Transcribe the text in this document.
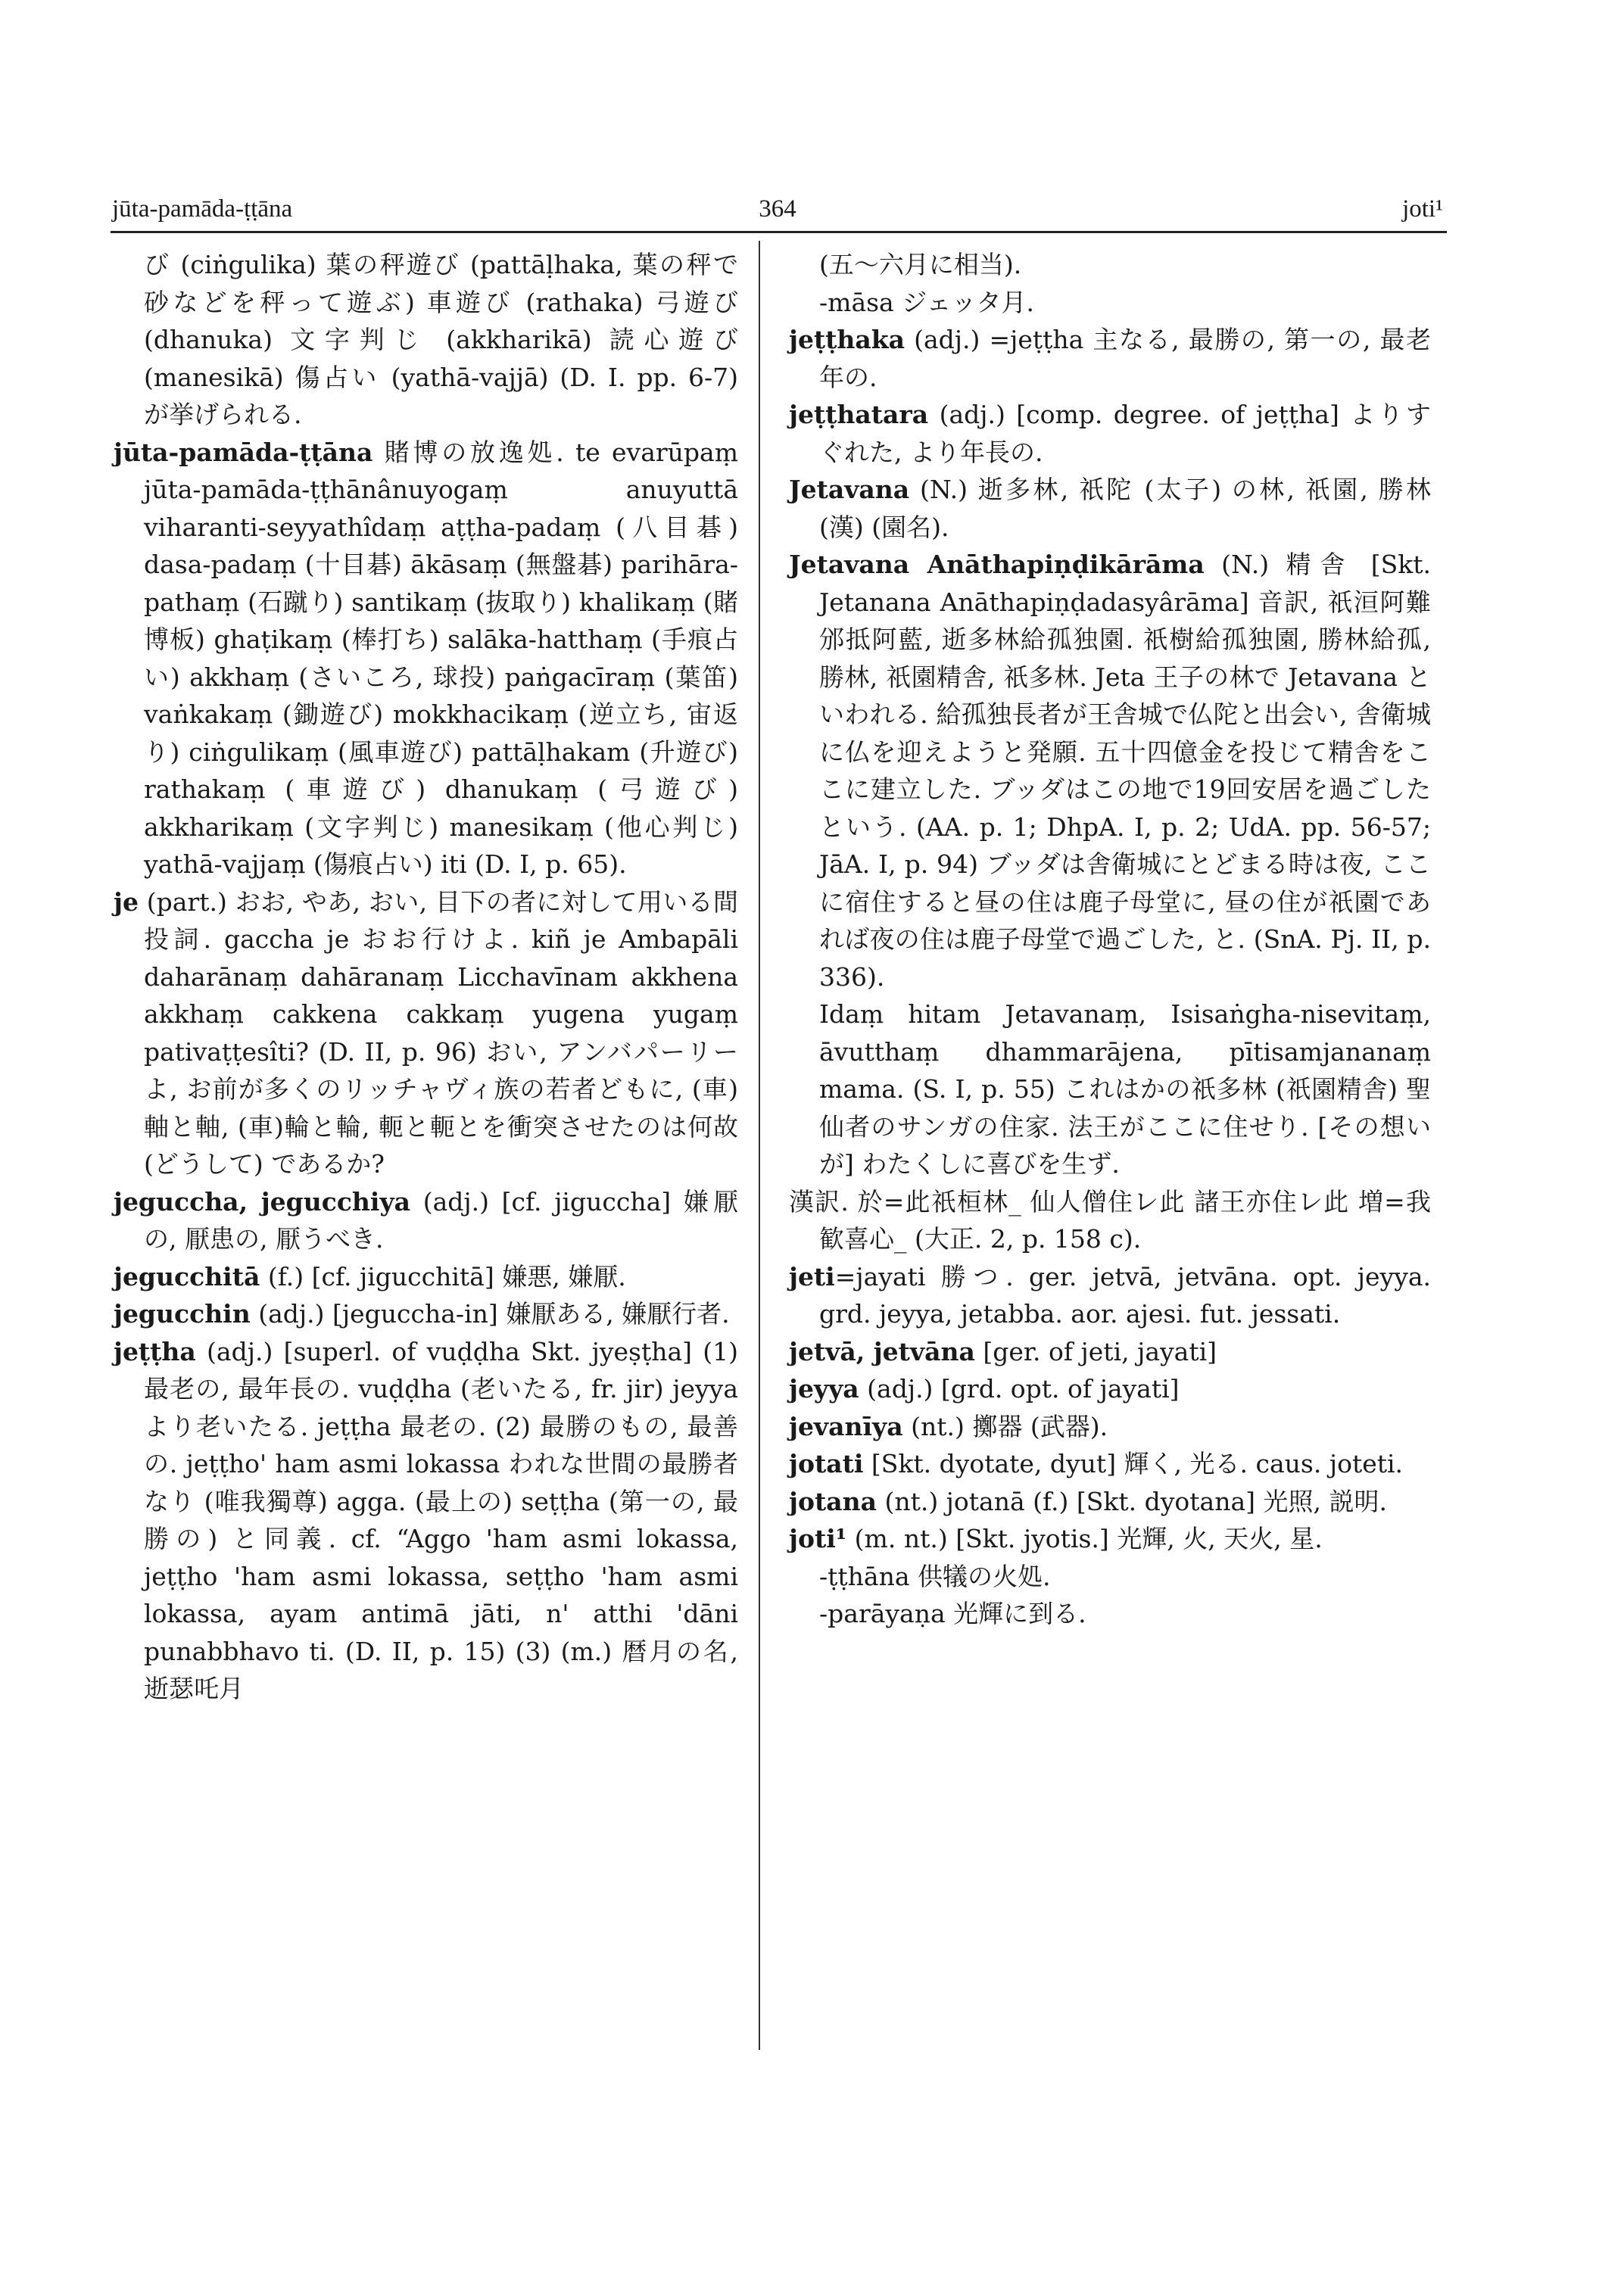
jūta-pamāda-ṭṭāna	364	joti¹

び (ciṅgulika) 葉の秤遊び (pattāḷhaka, 葉の秤で砂などを秤って遊ぶ) 車遊び (rathaka) 弓遊び (dhanuka) 文字判じ (akkharikā) 読心遊び (manesikā) 傷占い (yathā-vajjā) (D. I. pp. 6-7) が挙げられる.

jūta-pamāda-ṭṭāna 賭博の放逸処. te evarūpaṃ jūta-pamāda-ṭṭhānânuyogaṃ anuyuttā viharanti-seyyathîdaṃ aṭṭha-padaṃ (八目碁) dasa-padaṃ (十目碁) ākāsaṃ (無盤碁) parihāra-pathaṃ (石蹴り) santikaṃ (抜取り) khalikaṃ (賭博板) ghaṭikaṃ (棒打ち) salāka-hatthaṃ (手痕占い) akkhaṃ (さいころ, 球投) paṅgacīraṃ (葉笛) vaṅkakaṃ (鋤遊び) mokkhacikaṃ (逆立ち, 宙返り) ciṅgulikaṃ (風車遊び) pattāḷhakam (升遊び) rathakaṃ (車遊び) dhanukaṃ (弓遊び) akkharikaṃ (文字判じ) manesikaṃ (他心判じ) yathā-vajjaṃ (傷痕占い) iti (D. I, p. 65).

je (part.) おお, やあ, おい, 目下の者に対して用いる間投詞. gaccha je おお行けよ. kiñ je Ambapāli daharānaṃ dahāranaṃ Licchavīnam akkhena akkhaṃ cakkena cakkaṃ yugena yugaṃ pativaṭṭesîti? (D. II, p. 96) おい, アンバパーリーよ, お前が多くのリッチャヴィ族の若者どもに, (車)軸と軸, (車)輪と輪, 軛と軛とを衝突させたのは何故 (どうして) であるか?

jeguccha, jegucchiya (adj.) [cf. jiguccha] 嫌厭の, 厭患の, 厭うべき.

jegucchitā (f.) [cf. jigucchitā] 嫌悪, 嫌厭.

jegucchin (adj.) [jeguccha-in] 嫌厭ある, 嫌厭行者.

jeṭṭha (adj.) [superl. of vuḍḍha Skt. jyeṣṭha] (1) 最老の, 最年長の. vuḍḍha (老いたる, fr. jir) jeyya より老いたる. jeṭṭha 最老の. (2) 最勝のもの, 最善の. jeṭṭho' ham asmi lokassa われな世間の最勝者なり (唯我獨尊) agga. (最上の) seṭṭha (第一の, 最勝の) と同義. cf. “Aggo 'ham asmi lokassa, jeṭṭho 'ham asmi lokassa, seṭṭho 'ham asmi lokassa, ayam antimā jāti, n' atthi 'dāni punabbhavo ti. (D. II, p. 15) (3) (m.) 暦月の名, 逝瑟吒月

(五～六月に相当).

-māsa ジェッタ月.

jeṭṭhaka (adj.) =jeṭṭha 主なる, 最勝の, 第一の, 最老年の.

jeṭṭhatara (adj.) [comp. degree. of jeṭṭha] よりすぐれた, より年長の.

Jetavana (N.) 逝多林, 祇陀 (太子) の林, 祇園, 勝林 (漢) (園名).

Jetavana Anāthapiṇḍikārāma (N.) 精舎 [Skt. Jetanana Anāthapiṇḍadasyârāma] 音訳, 祇洹阿難邠抵阿藍, 逝多林給孤独園. 祇樹給孤独園, 勝林給孤, 勝林, 祇園精舎, 祇多林. Jeta 王子の林で Jetavana といわれる. 給孤独長者が王舎城で仏陀と出会い, 舎衛城に仏を迎えようと発願. 五十四億金を投じて精舎をここに建立した. ブッダはこの地で19回安居を過ごしたという. (AA. p. 1; DhpA. I, p. 2; UdA. pp. 56-57; JāA. I, p. 94) ブッダは舎衛城にとどまる時は夜, ここに宿住すると昼の住は鹿子母堂に, 昼の住が祇園であれば夜の住は鹿子母堂で過ごした, と. (SnA. Pj. II, p. 336).

Idaṃ hitam Jetavanaṃ, Isisaṅgha-nisevitaṃ, āvutthaṃ dhammarājena, pītisamjananaṃ mama. (S. I, p. 55) これはかの祇多林 (祇園精舎) 聖仙者のサンガの住家. 法王がここに住せり. [その想いが] わたくしに喜びを生ず.

漢訳. 於=此祇桓林_ 仙人僧住レ此 諸王亦住レ此 増=我歓喜心_ (大正. 2, p. 158 c).

jeti=jayati 勝つ. ger. jetvā, jetvāna. opt. jeyya. grd. jeyya, jetabba. aor. ajesi. fut. jessati.

jetvā, jetvāna [ger. of jeti, jayati]

jeyya (adj.) [grd. opt. of jayati]

jevanīya (nt.) 擲器 (武器).

jotati [Skt. dyotate, dyut] 輝く, 光る. caus. joteti.

jotana (nt.) jotanā (f.) [Skt. dyotana] 光照, 説明.

joti¹ (m. nt.) [Skt. jyotis.] 光輝, 火, 天火, 星.

-ṭṭhāna 供犠の火処.

-parāyaṇa 光輝に到る.
